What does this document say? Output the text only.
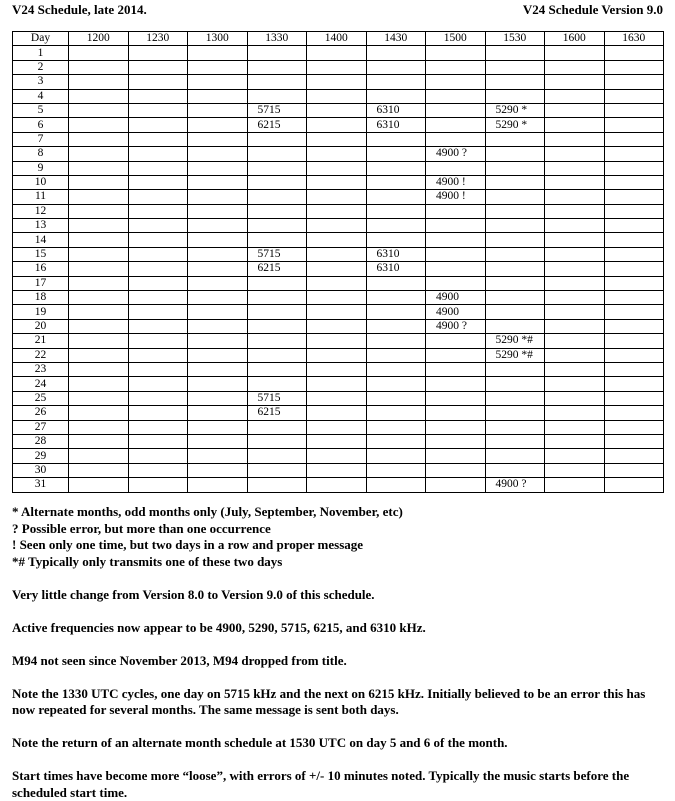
V24 Schedule, late 2014.	V24 Schedule Version 9.0
Day	1200	1230	1300	1330	1400	1430	1500	1530	1600	1630
1										
2										
3										
4										
5				5715		6310		5290 *		
6				6215		6310		5290 *		
7										
8							4900 ?			
9										
10							4900 !			
11							4900 !			
12										
13										
14										
15				5715		6310				
16				6215		6310				
17										
18							4900			
19							4900			
20							4900 ?			
21								5290 *#		
22								5290 *#		
23										
24										
25				5715						
26				6215						
27										
28										
29										
30										
31								4900 ?		
* Alternate months, odd months only (July, September, November, etc)
? Possible error, but more than one occurrence
! Seen only one time, but two days in a row and proper message
*# Typically only transmits one of these two days
Very little change from Version 8.0 to Version 9.0 of this schedule.
Active frequencies now appear to be 4900, 5290, 5715, 6215, and 6310 kHz.
M94 not seen since November 2013, M94 dropped from title.
Note the 1330 UTC cycles, one day on 5715 kHz and the next on 6215 kHz. Initially believed to be an error this has now repeated for several months. The same message is sent both days.
Note the return of an alternate month schedule at 1530 UTC on day 5 and 6 of the month.
Start times have become more “loose”, with errors of +/- 10 minutes noted. Typically the music starts before the scheduled start time.
